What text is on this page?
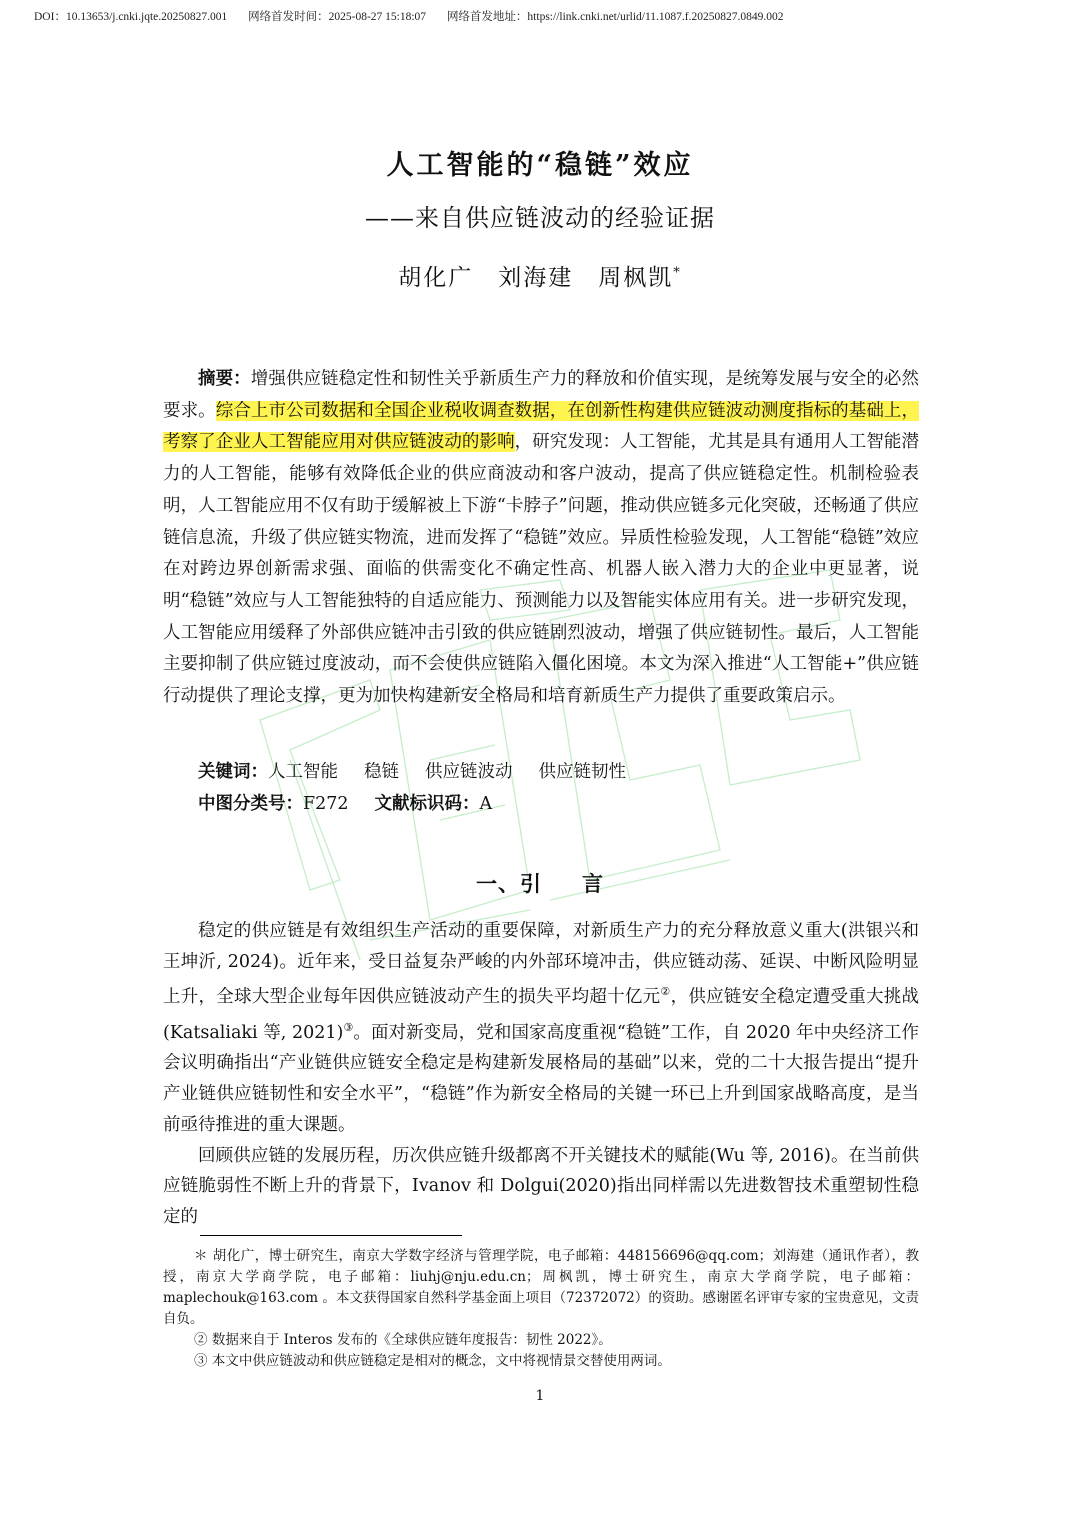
DOI：10.13653/j.cnki.jqte.20250827.001 网络首发时间：2025-08-27 15:18:07 网络首发地址：https://link.cnki.net/urlid/11.1087.f.20250827.0849.002
人工智能的“稳链”效应
——来自供应链波动的经验证据
胡化广　刘海建　周枫凯*

摘要：增强供应链稳定性和韧性关乎新质生产力的释放和价值实现，是统筹发展与安全的必然要求。综合上市公司数据和全国企业税收调查数据，在创新性构建供应链波动测度指标的基础上，考察了企业人工智能应用对供应链波动的影响，研究发现：人工智能，尤其是具有通用人工智能潜力的人工智能，能够有效降低企业的供应商波动和客户波动，提高了供应链稳定性。机制检验表明，人工智能应用不仅有助于缓解被上下游“卡脖子”问题，推动供应链多元化突破，还畅通了供应链信息流，升级了供应链实物流，进而发挥了“稳链”效应。异质性检验发现，人工智能“稳链”效应在对跨边界创新需求强、面临的供需变化不确定性高、机器人嵌入潜力大的企业中更显著，说明“稳链”效应与人工智能独特的自适应能力、预测能力以及智能实体应用有关。进一步研究发现，人工智能应用缓释了外部供应链冲击引致的供应链剧烈波动，增强了供应链韧性。最后，人工智能主要抑制了供应链过度波动，而不会使供应链陷入僵化困境。本文为深入推进“人工智能+”供应链行动提供了理论支撑，更为加快构建新安全格局和培育新质生产力提供了重要政策启示。

关键词：人工智能 稳链 供应链波动 供应链韧性
中图分类号：F272 文献标识码：A
一、引 言

稳定的供应链是有效组织生产活动的重要保障，对新质生产力的充分释放意义重大(洪银兴和王坤沂, 2024)。近年来，受日益复杂严峻的内外部环境冲击，供应链动荡、延误、中断风险明显上升，全球大型企业每年因供应链波动产生的损失平均超十亿元②，供应链安全稳定遭受重大挑战(Katsaliaki 等, 2021)③。面对新变局，党和国家高度重视“稳链”工作，自 2020 年中央经济工作会议明确指出“产业链供应链安全稳定是构建新发展格局的基础”以来，党的二十大报告提出“提升产业链供应链韧性和安全水平”，“稳链”作为新安全格局的关键一环已上升到国家战略高度，是当前亟待推进的重大课题。

回顾供应链的发展历程，历次供应链升级都离不开关键技术的赋能(Wu 等, 2016)。在当前供应链脆弱性不断上升的背景下，Ivanov 和 Dolgui(2020)指出同样需以先进数智技术重塑韧性稳定的

＊ 胡化广，博士研究生，南京大学数字经济与管理学院，电子邮箱：448156696@qq.com；刘海建（通讯作者），教授，南京大学商学院，电子邮箱：liuhj@nju.edu.cn；周枫凯，博士研究生，南京大学商学院，电子邮箱：maplechouk@163.com 。本文获得国家自然科学基金面上项目（72372072）的资助。感谢匿名评审专家的宝贵意见，文责自负。

② 数据来自于 Interos 发布的《全球供应链年度报告：韧性 2022》。

③ 本文中供应链波动和供应链稳定是相对的概念，文中将视情景交替使用两词。

1
